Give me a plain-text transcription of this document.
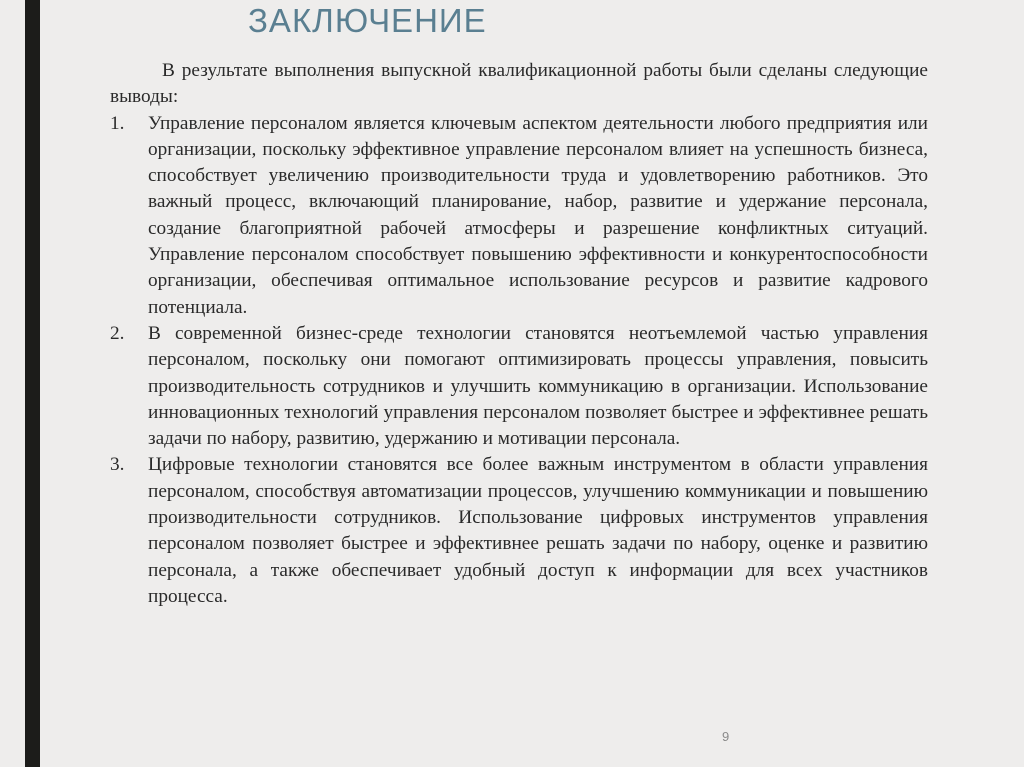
ЗАКЛЮЧЕНИЕ

В результате выполнения выпускной квалификационной работы были сделаны следующие выводы:

1. Управление персоналом является ключевым аспектом деятельности любого предприятия или организации, поскольку эффективное управление персоналом влияет на успешность бизнеса, способствует увеличению производительности труда и удовлетворению работников. Это важный процесс, включающий планирование, набор, развитие и удержание персонала, создание благоприятной рабочей атмосферы и разрешение конфликтных ситуаций. Управление персоналом способствует повышению эффективности и конкурентоспособности организации, обеспечивая оптимальное использование ресурсов и развитие кадрового потенциала.
2. В современной бизнес-среде технологии становятся неотъемлемой частью управления персоналом, поскольку они помогают оптимизировать процессы управления, повысить производительность сотрудников и улучшить коммуникацию в организации. Использование инновационных технологий управления персоналом позволяет быстрее и эффективнее решать задачи по набору, развитию, удержанию и мотивации персонала.
3. Цифровые технологии становятся все более важным инструментом в области управления персоналом, способствуя автоматизации процессов, улучшению коммуникации и повышению производительности сотрудников. Использование цифровых инструментов управления персоналом позволяет быстрее и эффективнее решать задачи по набору, оценке и развитию персонала, а также обеспечивает удобный доступ к информации для всех участников процесса.
9
